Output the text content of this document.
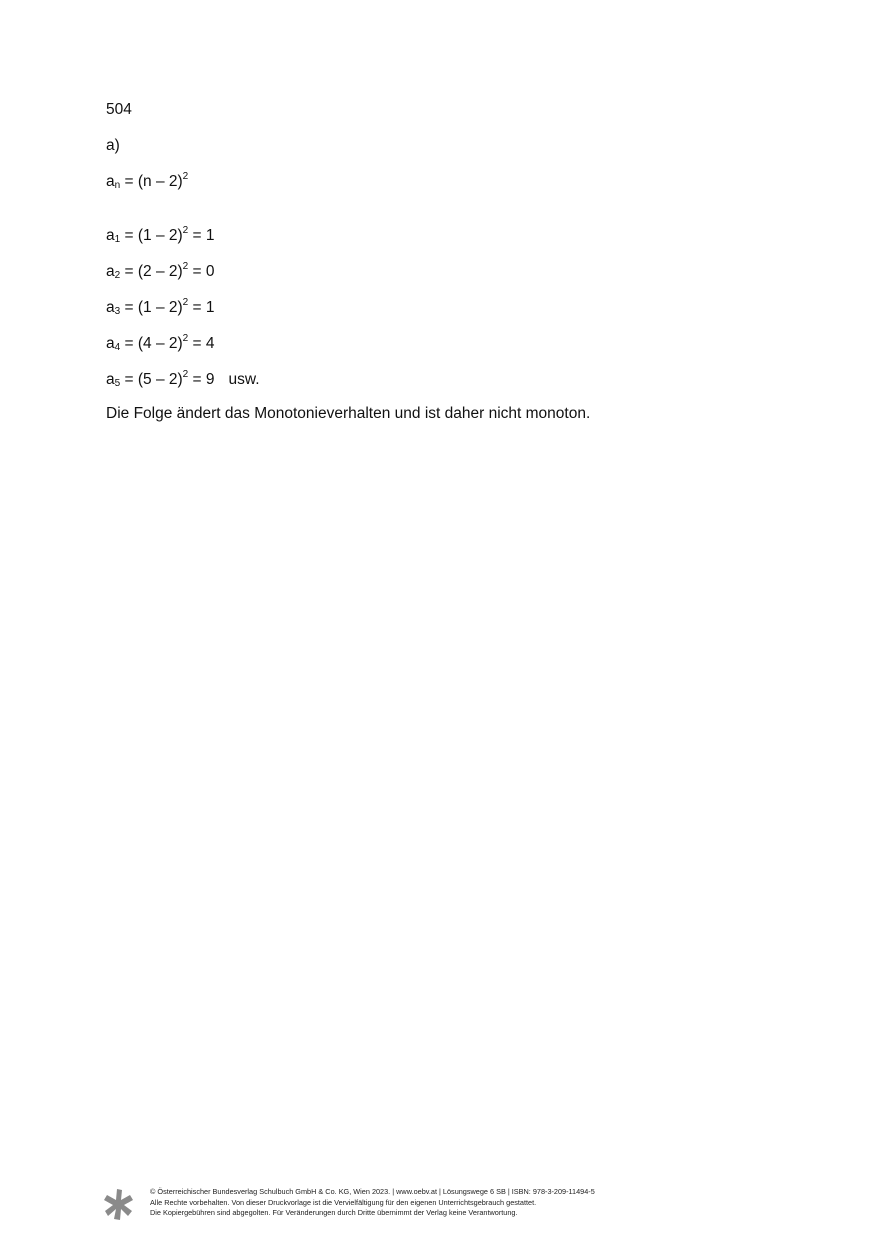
504

a)

$a_n = (n - 2)^2$

$a_1 = (1 - 2)^2 = 1$

$a_2 = (2 - 2)^2 = 0$

$a_3 = (1 - 2)^2 = 1$

$a_4 = (4 - 2)^2 = 4$

$a_5 = (5 - 2)^2 = 9$ usw.

Die Folge ändert das Monotonieverhalten und ist daher nicht monoton.

© Österreichischer Bundesverlag Schulbuch GmbH & Co. KG, Wien 2023. | www.oebv.at | Lösungswege 6 SB | ISBN: 978-3-209-11494-5
Alle Rechte vorbehalten. Von dieser Druckvorlage ist die Vervielfältigung für den eigenen Unterrichtsgebrauch gestattet.
Die Kopiergebühren sind abgegolten. Für Veränderungen durch Dritte übernimmt der Verlag keine Verantwortung.
